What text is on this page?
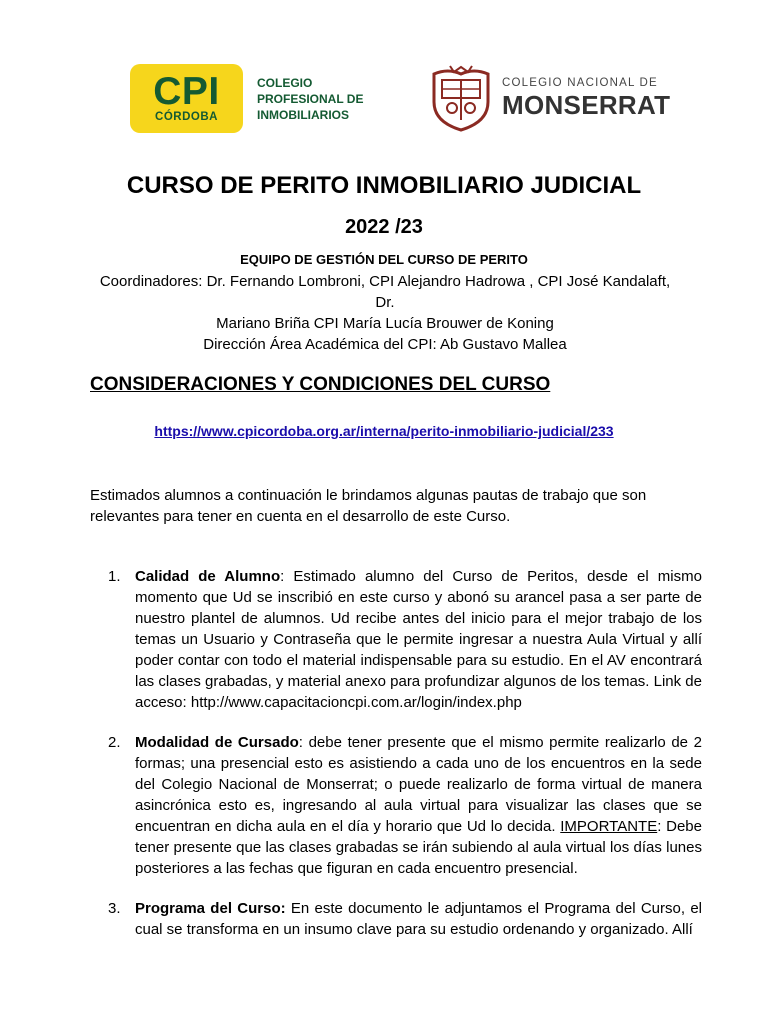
CPI
CÓRDOBA
COLEGIO
PROFESIONAL DE
INMOBILIARIOS
COLEGIO NACIONAL DE
MONSERRAT
CURSO DE PERITO INMOBILIARIO JUDICIAL
2022 /23
EQUIPO DE GESTIÓN DEL CURSO DE PERITO
Coordinadores: Dr. Fernando Lombroni, CPI Alejandro Hadrowa , CPI José Kandalaft, Dr.
Mariano Briña CPI María Lucía Brouwer de Koning
Dirección Área Académica del CPI: Ab Gustavo Mallea
CONSIDERACIONES Y CONDICIONES DEL CURSO
https://www.cpicordoba.org.ar/interna/perito-inmobiliario-judicial/233
Estimados alumnos a continuación le brindamos algunas pautas de trabajo que son relevantes para tener en cuenta en el desarrollo de este Curso.
1. Calidad de Alumno: Estimado alumno del Curso de Peritos, desde el mismo momento que Ud se inscribió en este curso y abonó su arancel pasa a ser parte de nuestro plantel de alumnos. Ud recibe antes del inicio para el mejor trabajo de los temas un Usuario y Contraseña que le permite ingresar a nuestra Aula Virtual y allí poder contar con todo el material indispensable para su estudio. En el AV encontrará las clases grabadas, y material anexo para profundizar algunos de los temas. Link de acceso: http://www.capacitacioncpi.com.ar/login/index.php
2. Modalidad de Cursado: debe tener presente que el mismo permite realizarlo de 2 formas; una presencial esto es asistiendo a cada uno de los encuentros en la sede del Colegio Nacional de Monserrat; o puede realizarlo de forma virtual de manera asincrónica esto es, ingresando al aula virtual para visualizar las clases que se encuentran en dicha aula en el día y horario que Ud lo decida. IMPORTANTE: Debe tener presente que las clases grabadas se irán subiendo al aula virtual los días lunes posteriores a las fechas que figuran en cada encuentro presencial.
3. Programa del Curso: En este documento le adjuntamos el Programa del Curso, el cual se transforma en un insumo clave para su estudio ordenando y organizado. Allí
